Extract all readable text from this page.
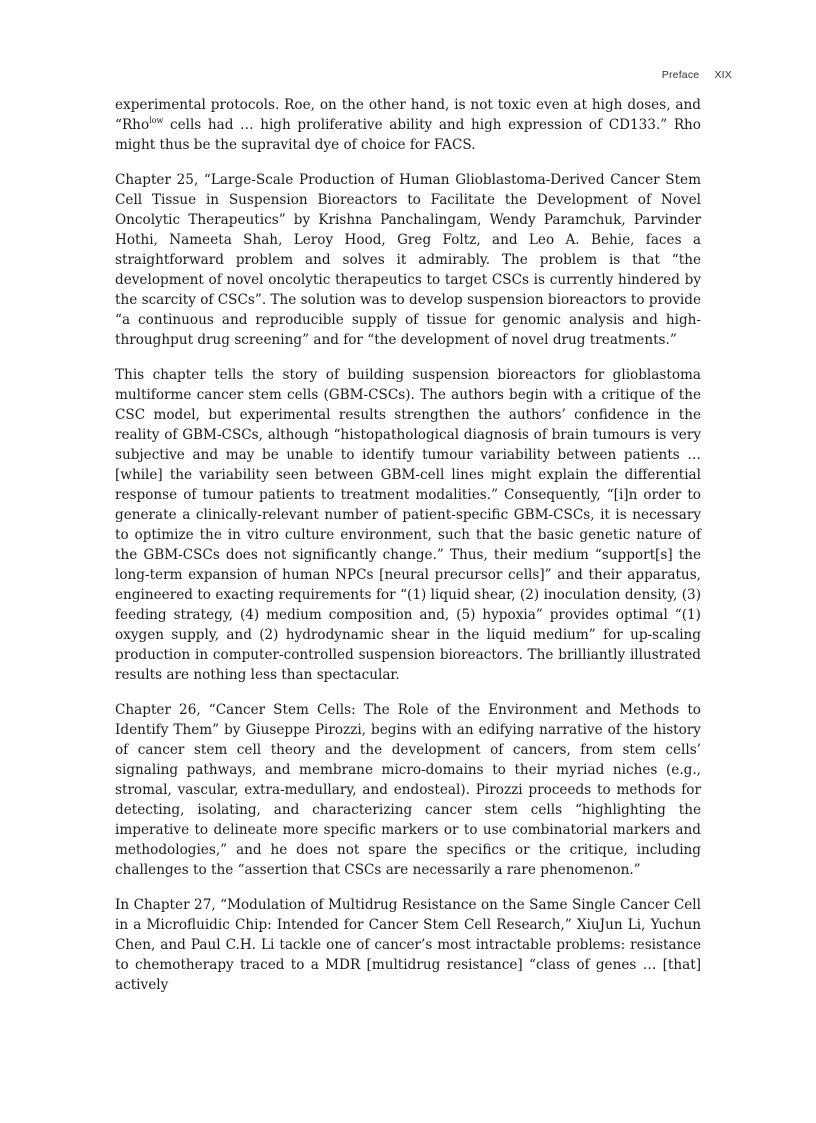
Preface XIX

experimental protocols. Roe, on the other hand, is not toxic even at high doses, and “Rho$^{low}$ cells had … high proliferative ability and high expression of CD133.” Rho might thus be the supravital dye of choice for FACS.

Chapter 25, “Large-Scale Production of Human Glioblastoma-Derived Cancer Stem Cell Tissue in Suspension Bioreactors to Facilitate the Development of Novel Oncolytic Therapeutics” by Krishna Panchalingam, Wendy Paramchuk, Parvinder Hothi, Nameeta Shah, Leroy Hood, Greg Foltz, and Leo A. Behie, faces a straightforward problem and solves it admirably. The problem is that “the development of novel oncolytic therapeutics to target CSCs is currently hindered by the scarcity of CSCs”. The solution was to develop suspension bioreactors to provide “a continuous and reproducible supply of tissue for genomic analysis and high-throughput drug screening” and for “the development of novel drug treatments.”

This chapter tells the story of building suspension bioreactors for glioblastoma multiforme cancer stem cells (GBM-CSCs). The authors begin with a critique of the CSC model, but experimental results strengthen the authors’ confidence in the reality of GBM-CSCs, although “histopathological diagnosis of brain tumours is very subjective and may be unable to identify tumour variability between patients … [while] the variability seen between GBM-cell lines might explain the differential response of tumour patients to treatment modalities.” Consequently, “[i]n order to generate a clinically-relevant number of patient-specific GBM-CSCs, it is necessary to optimize the in vitro culture environment, such that the basic genetic nature of the GBM-CSCs does not significantly change.” Thus, their medium “support[s] the long-term expansion of human NPCs [neural precursor cells]” and their apparatus, engineered to exacting requirements for “(1) liquid shear, (2) inoculation density, (3) feeding strategy, (4) medium composition and, (5) hypoxia” provides optimal “(1) oxygen supply, and (2) hydrodynamic shear in the liquid medium” for up-scaling production in computer-controlled suspension bioreactors. The brilliantly illustrated results are nothing less than spectacular.

Chapter 26, “Cancer Stem Cells: The Role of the Environment and Methods to Identify Them” by Giuseppe Pirozzi, begins with an edifying narrative of the history of cancer stem cell theory and the development of cancers, from stem cells’ signaling pathways, and membrane micro-domains to their myriad niches (e.g., stromal, vascular, extra-medullary, and endosteal). Pirozzi proceeds to methods for detecting, isolating, and characterizing cancer stem cells “highlighting the imperative to delineate more specific markers or to use combinatorial markers and methodologies,” and he does not spare the specifics or the critique, including challenges to the “assertion that CSCs are necessarily a rare phenomenon.”

In Chapter 27, “Modulation of Multidrug Resistance on the Same Single Cancer Cell in a Microfluidic Chip: Intended for Cancer Stem Cell Research,” XiuJun Li, Yuchun Chen, and Paul C.H. Li tackle one of cancer’s most intractable problems: resistance to chemotherapy traced to a MDR [multidrug resistance] “class of genes … [that] actively
